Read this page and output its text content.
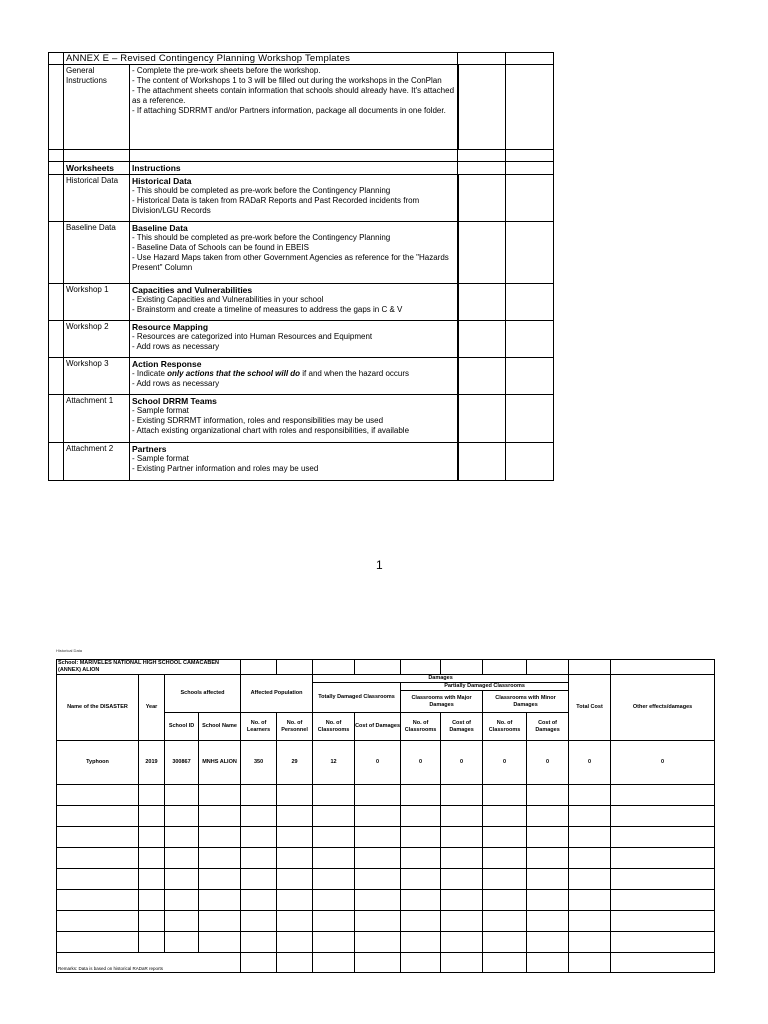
	ANNEX E – Revised Contingency Planning Workshop Templates			
	General Instructions	- Complete the pre-work sheets before the workshop.
- The content of Workshops 1 to 3 will be filled out during the workshops in the ConPlan
- The attachment sheets contain information that schools should already have. It's attached as a reference.
- If attaching SDRRMT and/or Partners information, package all documents in one folder.		

	Worksheets	Instructions		
	Historical Data	Historical Data
- This should be completed as pre-work before the Contingency Planning
- Historical Data is taken from RADaR Reports and Past Recorded incidents from Division/LGU Records		

	Baseline Data	Baseline Data
- This should be completed as pre-work before the Contingency Planning
- Baseline Data of Schools can be found in EBEIS
- Use Hazard Maps taken from other Government Agencies as reference for the "Hazards Present" Column		

	Workshop 1	Capacities and Vulnerabilities
- Existing Capacities and Vulnerabilities in your school
- Brainstorm and create a timeline of measures to address the gaps in C & V		

	Workshop 2	Resource Mapping
- Resources are categorized into Human Resources and Equipment
- Add rows as necessary		

	Workshop 3	Action Response
- Indicate only actions that the school will do if and when the hazard occurs
- Add rows as necessary		

	Attachment 1	School DRRM Teams
- Sample format
- Existing SDRRMT information, roles and responsibilities may be used
- Attach existing organizational chart with roles and responsibilities, if available		

	Attachment 2	Partners
- Sample format
- Existing Partner information and roles may be used		

1
Historical Data
School: MARIVELES NATIONAL HIGH SCHOOL CAMACABEN (ANNEX) ALION													
Name of the DISASTER	Year	Schools affected		Affected Population		Damages						Total Cost	Other effects/damages
						Totally Damaged Classrooms		Partially Damaged Classrooms					
								Classrooms with Major Damages		Classrooms with Minor Damages			
		School ID	School Name	No. of Learners	No. of Personnel	No. of Classrooms	Cost of Damages	No. of Classrooms	Cost of Damages	No. of Classrooms	Cost of Damages		
Typhoon	2019	300867	MNHS ALION	350	29	12	0	0	0	0	0	0	0

Remarks: Data is based on historical RADaR reports													
